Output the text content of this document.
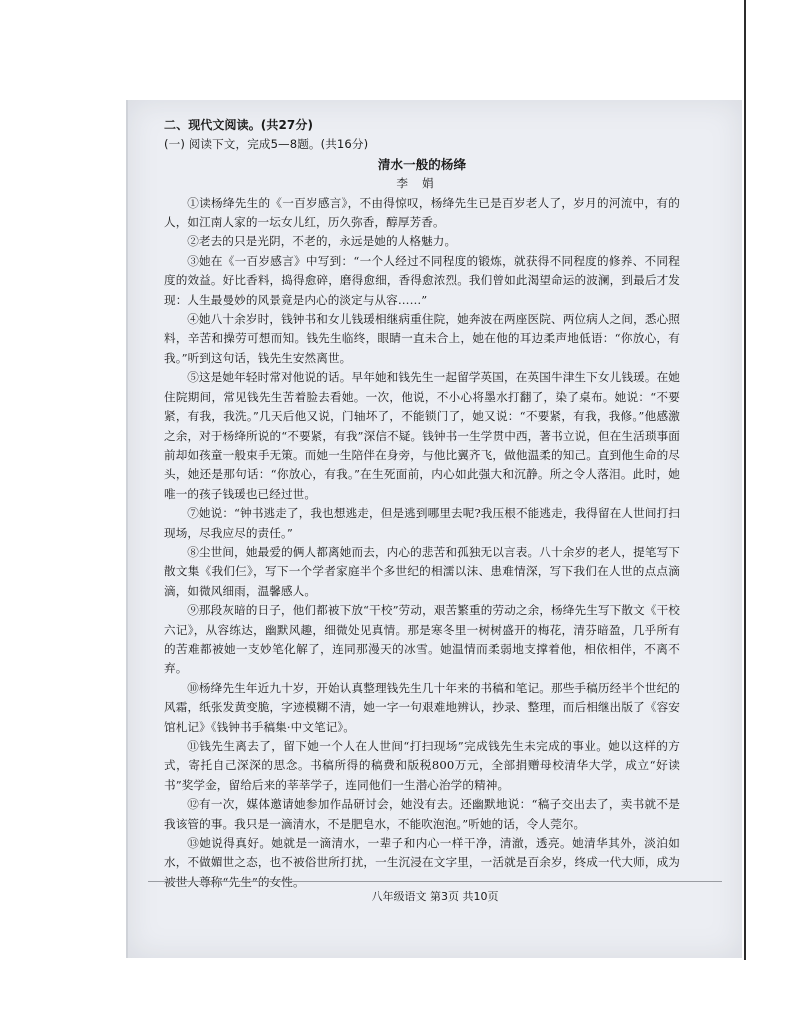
二、现代文阅读。(共27分)
(一) 阅读下文，完成5—8题。(共16分)
清水一般的杨绛
李娟

①读杨绛先生的《一百岁感言》，不由得惊叹，杨绛先生已是百岁老人了，岁月的河流中，有的人，如江南人家的一坛女儿红，历久弥香，醇厚芳香。

②老去的只是光阴，不老的，永远是她的人格魅力。

③她在《一百岁感言》中写到：“一个人经过不同程度的锻炼，就获得不同程度的修养、不同程度的效益。好比香料，捣得愈碎，磨得愈细，香得愈浓烈。我们曾如此渴望命运的波澜，到最后才发现：人生最曼妙的风景竟是内心的淡定与从容……”

④她八十余岁时，钱钟书和女儿钱瑗相继病重住院，她奔波在两座医院、两位病人之间，悉心照料，辛苦和操劳可想而知。钱先生临终，眼睛一直未合上，她在他的耳边柔声地低语：“你放心，有我。”听到这句话，钱先生安然离世。

⑤这是她年轻时常对他说的话。早年她和钱先生一起留学英国，在英国牛津生下女儿钱瑗。在她住院期间，常见钱先生苦着脸去看她。一次，他说，不小心将墨水打翻了，染了桌布。她说：“不要紧，有我，我洗。”几天后他又说，门轴坏了，不能锁门了，她又说：“不要紧，有我，我修。”他感激之余，对于杨绛所说的“不要紧，有我”深信不疑。钱钟书一生学贯中西，著书立说，但在生活琐事面前却如孩童一般束手无策。而她一生陪伴在身旁，与他比翼齐飞，做他温柔的知己。直到他生命的尽头，她还是那句话：“你放心，有我。”在生死面前，内心如此强大和沉静。所之令人落泪。此时，她唯一的孩子钱瑗也已经过世。

⑦她说：“钟书逃走了，我也想逃走，但是逃到哪里去呢?我压根不能逃走，我得留在人世间打扫现场，尽我应尽的责任。”

⑧尘世间，她最爱的俩人都离她而去，内心的悲苦和孤独无以言表。八十余岁的老人，提笔写下散文集《我们仨》，写下一个学者家庭半个多世纪的相濡以沫、患难情深，写下我们在人世的点点滴滴，如微风细雨，温馨感人。

⑨那段灰暗的日子，他们都被下放“干校”劳动，艰苦繁重的劳动之余，杨绛先生写下散文《干校六记》，从容练达，幽默风趣，细微处见真情。那是寒冬里一树树盛开的梅花，清芬暗盈，几乎所有的苦难都被她一支妙笔化解了，连同那漫天的冰雪。她温情而柔弱地支撑着他，相依相伴，不离不弃。

⑩杨绛先生年近九十岁，开始认真整理钱先生几十年来的书稿和笔记。那些手稿历经半个世纪的风霜，纸张发黄变脆，字迹模糊不清，她一字一句艰难地辨认，抄录、整理，而后相继出版了《容安馆札记》《钱钟书手稿集·中文笔记》。

⑪钱先生离去了，留下她一个人在人世间“打扫现场”完成钱先生未完成的事业。她以这样的方式，寄托自己深深的思念。书稿所得的稿费和版税800万元，全部捐赠母校清华大学，成立“好读书”奖学金，留给后来的莘莘学子，连同他们一生潜心治学的精神。

⑫有一次，媒体邀请她参加作品研讨会，她没有去。还幽默地说：“稿子交出去了，卖书就不是我该管的事。我只是一滴清水，不是肥皂水，不能吹泡泡。”听她的话，令人莞尔。

⑬她说得真好。她就是一滴清水，一辈子和内心一样干净，清澈，透亮。她清华其外，淡泊如水，不做媚世之态，也不被俗世所打扰，一生沉浸在文字里，一活就是百余岁，终成一代大师，成为

八年级语文 第3页 共10页
